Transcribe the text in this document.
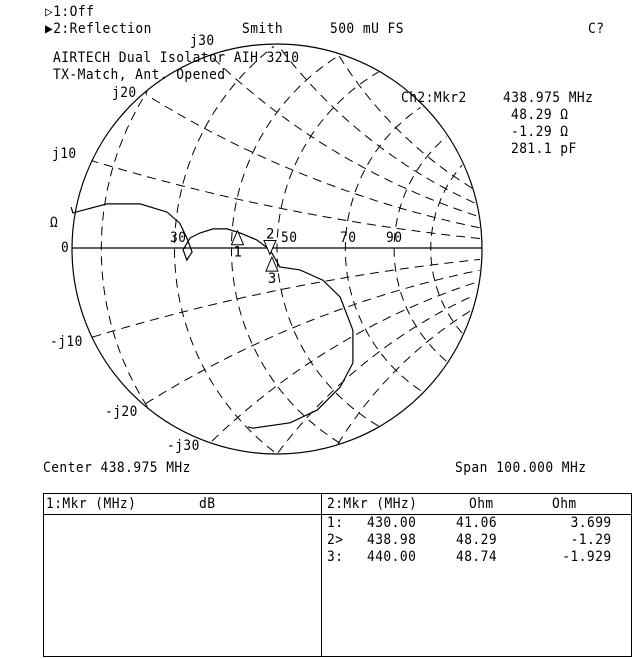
1
2
3
▷1:Off
▶2:Reflection	Smith	500 mU FS	C?
AIRTECH Dual Isolator AIH 3210
TX-Match, Ant. Opened
Ch2:Mkr2	438.975 MHz
48.29 Ω
-1.29 Ω
281.1 pF
j30
j20
j10
Ω
0
30	50	70 90
-j10
-j20
-j30
Center 438.975 MHz	Span 100.000 MHz
1:Mkr (MHz)	dB	2:Mkr (MHz)	Ohm	Ohm
1: 430.00	41.06	3.699
2> 438.98	48.29	-1.29
3: 440.00	48.74	-1.929
